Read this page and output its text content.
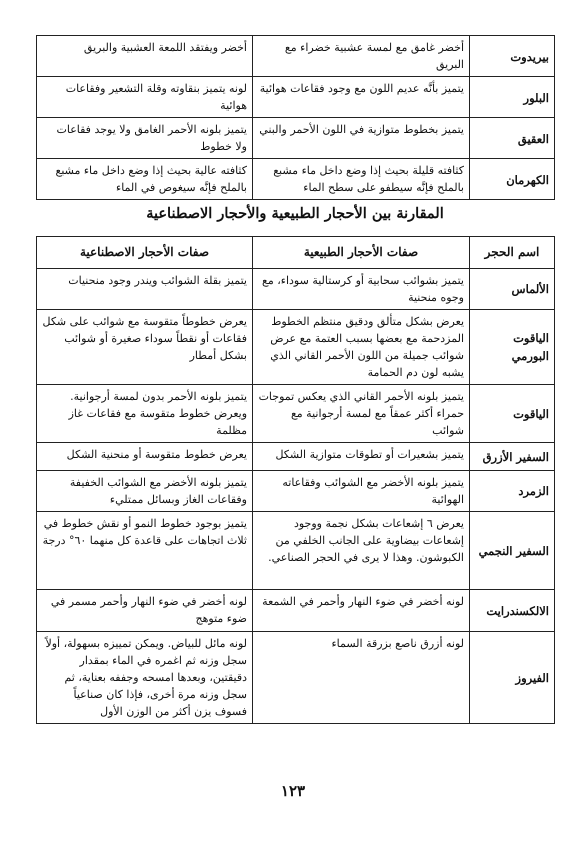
بيريدوت	أخضر غامق مع لمسة عشبية خضراء مع البريق	أخضر ويفتقد اللمعة العشبية والبريق
البلور	يتميز بأنَّه عديم اللون مع وجود فقاعات هوائية	لونه يتميز بنقاوته وقلة التشعير وفقاعات هوائية
العقيق	يتميز بخطوط متوازية في اللون الأحمر والبني	يتميز بلونه الأحمر الغامق ولا يوجد فقاعات ولا خطوط
الكهرمان	كثافته قليلة بحيث إذا وضع داخل ماء مشبع بالملح فإنَّه سيطفو على سطح الماء	كثافته عالية بحيث إذا وضع داخل ماء مشبع بالملح فإنَّه سيغوص في الماء
المقارنة بين الأحجار الطبيعية والأحجار الاصطناعية
اسم الحجر	صفات الأحجار الطبيعية	صفات الأحجار الاصطناعية
الألماس	يتميز بشوائب سحابية أو كرستالية سوداء، مع وجوه منحنية	يتميز بقلة الشوائب ويندر وجود منحنيات
الياقوت البورمي	يعرض بشكل متألق ودقيق منتظم الخطوط المزدحمة مع بعضها بسبب العتمة مع عرض شوائب جميلة من اللون الأحمر القاني الذي يشبه لون دم الحمامة	يعرض خطوطاً متقوسة مع شوائب على شكل فقاعات أو نقطاً سوداء صغيرة أو شوائب بشكل أمطار
الياقوت	يتميز بلونه الأحمر القاني الذي يعكس تموجات حمراء أكثر عمقاً مع لمسة أرجوانية مع شوائب	يتميز بلونه الأحمر بدون لمسة أرجوانية. ويعرض خطوط متقوسة مع فقاعات غاز مظلمة
السفير الأزرق	يتميز بشعيرات أو تطوقات متوازية الشكل	يعرض خطوط متقوسة أو منحنية الشكل
الزمرد	يتميز بلونه الأخضر مع الشوائب وفقاعاته الهوائية	يتميز بلونه الأخضر مع الشوائب الخفيفة وفقاعات الغاز وبسائل ممتليء
السفير النجمي	يعرض ٦ إشعاعات بشكل نجمة ووجود إشعاعات بيضاوية على الجانب الخلفي من الكبوشون. وهذا لا يرى في الحجر الصناعي.	يتميز بوجود خطوط النمو أو نقش خطوط في ثلاث اتجاهات على قاعدة كل منهما ٦٠° درجة
الالكسندرايت	لونه أخضر في ضوء النهار وأحمر في الشمعة	لونه أخضر في ضوء النهار وأحمر مسمر في ضوء متوهج
الفيروز	لونه أزرق ناصع بزرقة السماء	لونه مائل للبياض. ويمكن تمييزه بسهولة، أولاً سجل وزنه ثم اغمره في الماء بمقدار دقيقتين، وبعدها امسحه وجففه بعناية، ثم سجل وزنه مرة أخرى، فإذا كان صناعياً فسوف يزن أكثر من الوزن الأول
١٢٣
